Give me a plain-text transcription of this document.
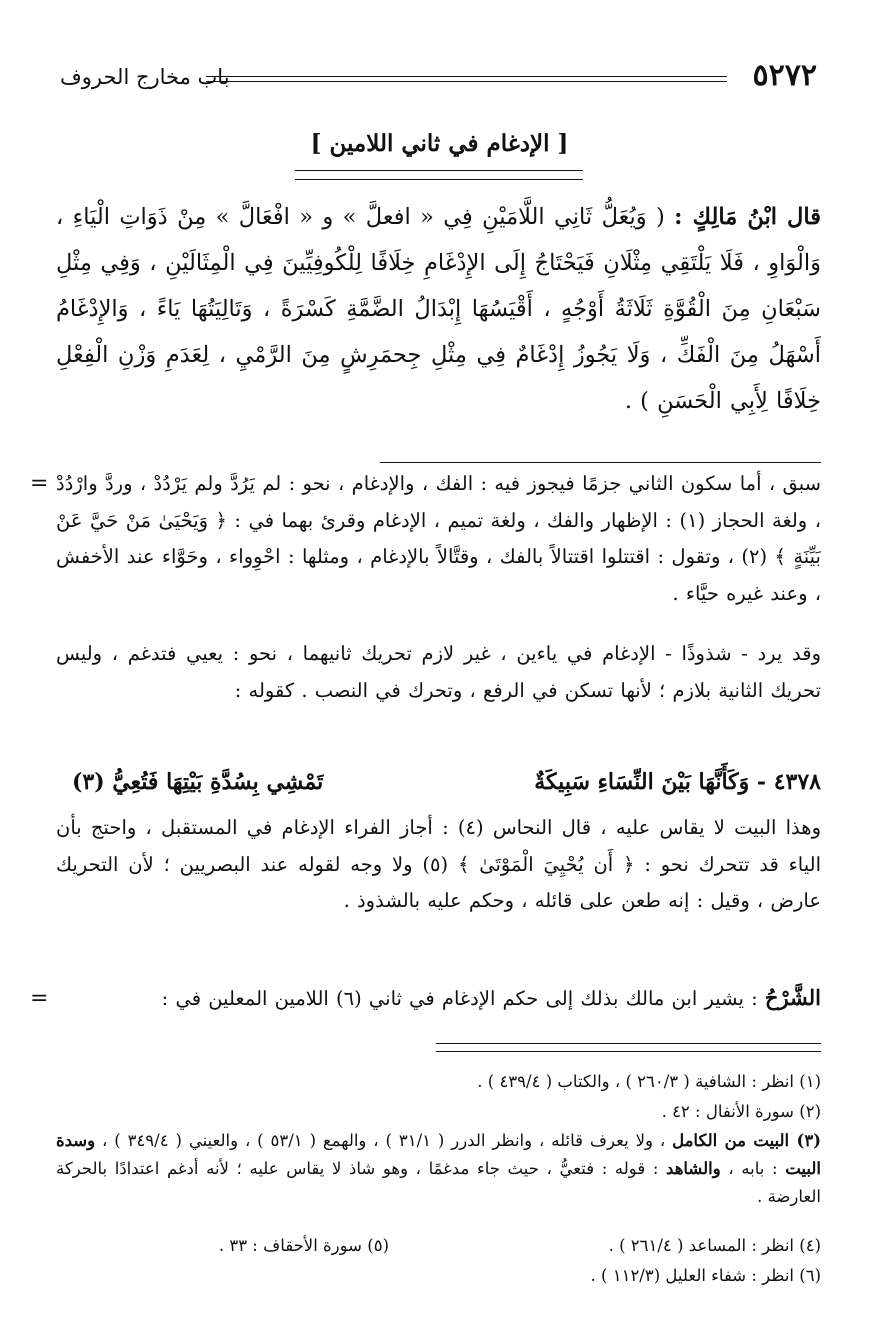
٥٢٧٢
باب مخارج الحروف
[ الإدغام في ثاني اللامين ]

قال ابْنُ مَالِكٍ : ( وَيُعَلُّ ثَانِي اللَّامَيْنِ فِي « افعلَّ » و « افْعَالَّ » مِنْ ذَوَاتِ الْيَاءِ ، وَالْوَاوِ ، فَلَا يَلْتَقِي مِثْلَانِ فَيَحْتَاجُ إِلَى الإِدْغَامِ خِلَافًا لِلْكُوفِيِّينَ فِي الْمِثَالَيْنِ ، وَفِي مِثْلِ سَبْعَانِ مِنَ الْقُوَّةِ ثَلَاثَةُ أَوْجُهٍ ، أَقْيَسُهَا إِبْدَالُ الضَّمَّةِ كَسْرَةً ، وَتَالِيَتُهَا يَاءً ، وَالإِدْغَامُ أَسْهَلُ مِنَ الْفَكِّ ، وَلَا يَجُوزُ إِدْغَامٌ فِي مِثْلِ جِحمَرِشٍ مِنَ الرَّمْيِ ، لِعَدَمِ وَزْنِ الْفِعْلِ خِلَافًا لِأَبِي الْحَسَنِ ) .

= سبق ، أما سكون الثاني جزمًا فيجوز فيه : الفك ، والإدغام ، نحو : لم يَرُدَّ ولم يَرْدُدْ ، وردَّ وارْدُدْ ، ولغة الحجاز (١) : الإظهار والفك ، ولغة تميم ، الإدغام وقرئ بهما في : ﴿ وَيَحْيَىٰ مَنْ حَيَّ عَنْ بَيِّنَةٍ ﴾ (٢) ، وتقول : اقتتلوا اقتتالاً بالفك ، وقتَّالاً بالإدغام ، ومثلها : احْوِواء ، وحَوَّاء عند الأخفش ، وعند غيره حيَّاء .

وقد يرد - شذوذًا - الإدغام في ياءين ، غير لازم تحريك ثانيهما ، نحو : يعيي فتدغم ، وليس تحريك الثانية بلازم ؛ لأنها تسكن في الرفع ، وتحرك في النصب . كقوله :

٤٣٧٨ - وَكَأَنَّهَا بَيْنَ النِّسَاءِ سَبِيكَةٌ
تَمْشِي بِسُدَّةِ بَيْتِهَا فَتُعِيُّ (٣)

وهذا البيت لا يقاس عليه ، قال النحاس (٤) : أجاز الفراء الإدغام في المستقبل ، واحتج بأن الياء قد تتحرك نحو : ﴿ أَن يُحْيِيَ الْمَوْتَىٰ ﴾ (٥) ولا وجه لقوله عند البصريين ؛ لأن التحريك عارض ، وقيل : إنه طعن على قائله ، وحكم عليه بالشذوذ .

الشَّرْحُ : يشير ابن مالك بذلك إلى حكم الإدغام في ثاني (٦) اللامين المعلين في :

=

(١) انظر : الشافية ( ٢٦٠/٣ ) ، والكتاب ( ٤٣٩/٤ ) .

(٢) سورة الأنفال : ٤٢ .

(٣) البيت من الكامل ، ولا يعرف قائله ، وانظر الدرر ( ٣١/١ ) ، والهمع ( ٥٣/١ ) ، والعيني ( ٣٤٩/٤ ) ، وسدة البيت : بابه ، والشاهد : قوله : فتعيُّ ، حيث جاء مدغمًا ، وهو شاذ لا يقاس عليه ؛ لأنه أدغم اعتدادًا بالحركة العارضة .

(٤) انظر : المساعد ( ٢٦١/٤ ) .

(٥) سورة الأحقاف : ٣٣ .

(٦) انظر : شفاء العليل (١١٢/٣ ) .
